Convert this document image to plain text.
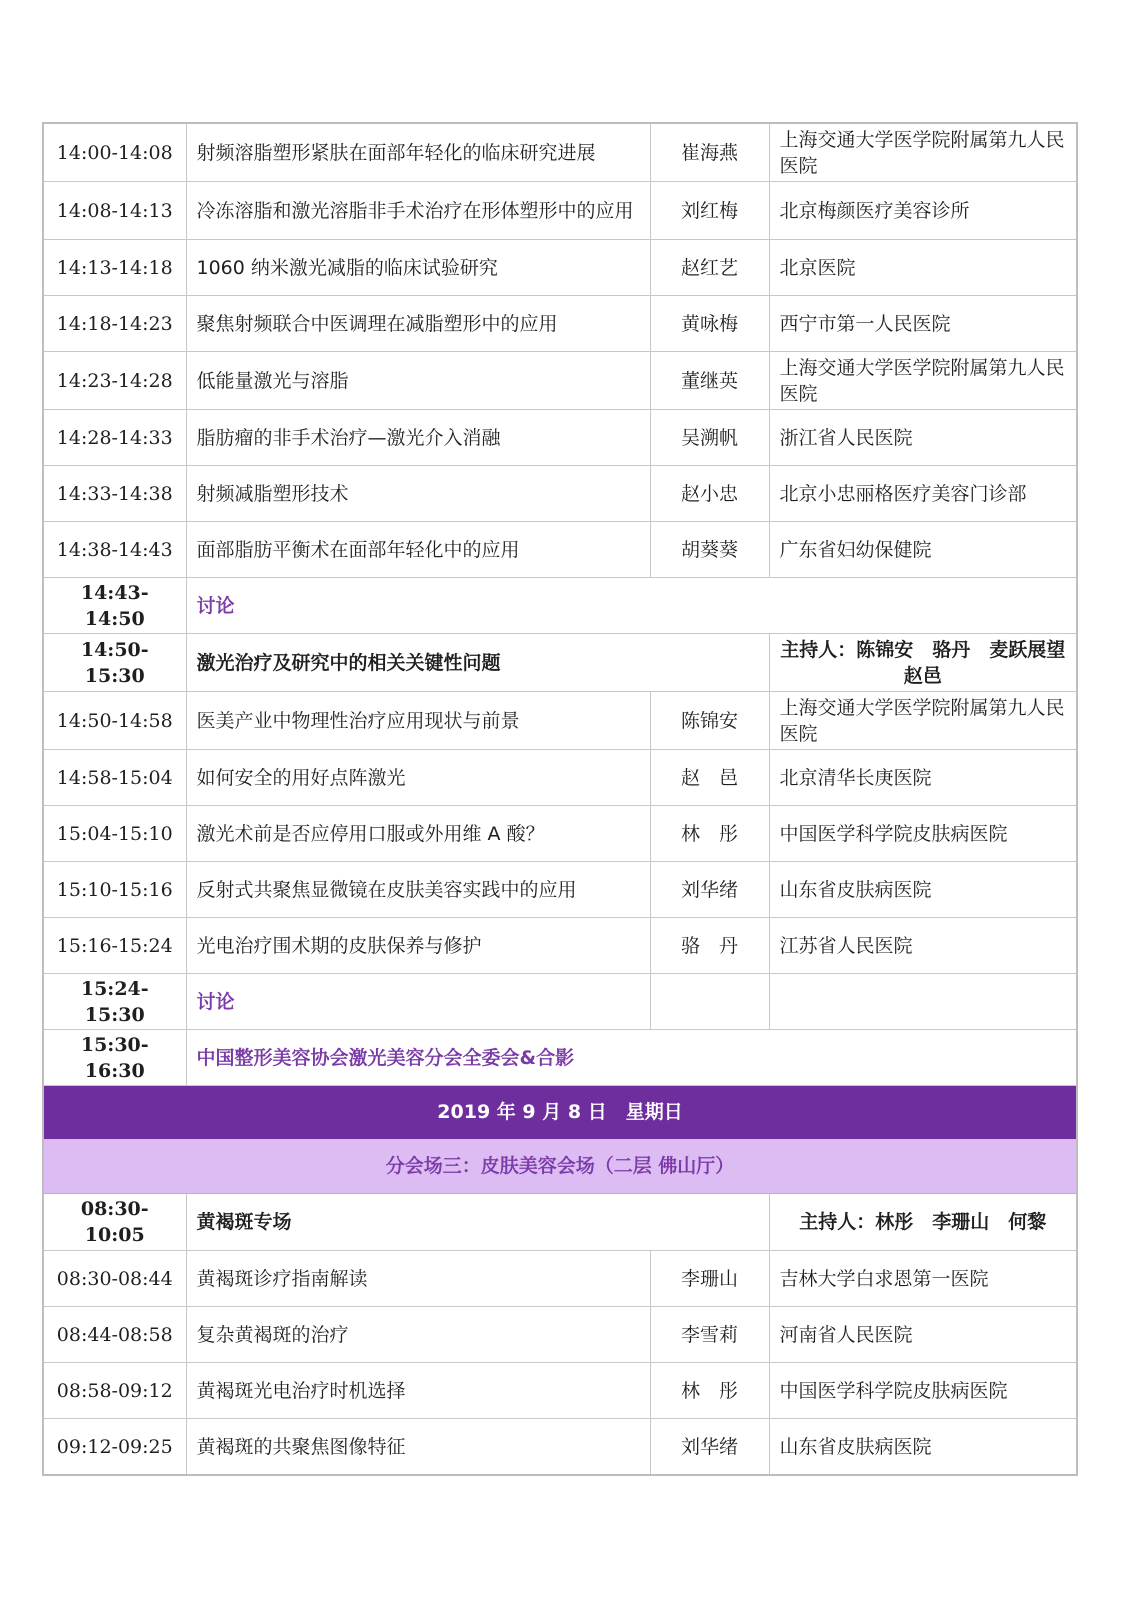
14:00-14:08	射频溶脂塑形紧肤在面部年轻化的临床研究进展	崔海燕	上海交通大学医学院附属第九人民医院
14:08-14:13	冷冻溶脂和激光溶脂非手术治疗在形体塑形中的应用	刘红梅	北京梅颜医疗美容诊所
14:13-14:18	1060 纳米激光减脂的临床试验研究	赵红艺	北京医院
14:18-14:23	聚焦射频联合中医调理在减脂塑形中的应用	黄咏梅	西宁市第一人民医院
14:23-14:28	低能量激光与溶脂	董继英	上海交通大学医学院附属第九人民医院
14:28-14:33	脂肪瘤的非手术治疗—激光介入消融	吴溯帆	浙江省人民医院
14:33-14:38	射频减脂塑形技术	赵小忠	北京小忠丽格医疗美容门诊部
14:38-14:43	面部脂肪平衡术在面部年轻化中的应用	胡葵葵	广东省妇幼保健院
14:43-14:50	讨论		
14:50-15:30	激光治疗及研究中的相关关键性问题		主持人：陈锦安　骆丹　麦跃展望　　赵邑
14:50-14:58	医美产业中物理性治疗应用现状与前景	陈锦安	上海交通大学医学院附属第九人民医院
14:58-15:04	如何安全的用好点阵激光	赵　邑	北京清华长庚医院
15:04-15:10	激光术前是否应停用口服或外用维 A 酸？	林　彤	中国医学科学院皮肤病医院
15:10-15:16	反射式共聚焦显微镜在皮肤美容实践中的应用	刘华绪	山东省皮肤病医院
15:16-15:24	光电治疗围术期的皮肤保养与修护	骆　丹	江苏省人民医院
15:24-15:30	讨论		
15:30-16:30	中国整形美容协会激光美容分会全委会&合影		
2019 年 9 月 8 日　星期日			
分会场三：皮肤美容会场（二层 佛山厅）			
08:30-10:05	黄褐斑专场		主持人：林彤　李珊山　何黎
08:30-08:44	黄褐斑诊疗指南解读	李珊山	吉林大学白求恩第一医院
08:44-08:58	复杂黄褐斑的治疗	李雪莉	河南省人民医院
08:58-09:12	黄褐斑光电治疗时机选择	林　彤	中国医学科学院皮肤病医院
09:12-09:25	黄褐斑的共聚焦图像特征	刘华绪	山东省皮肤病医院
